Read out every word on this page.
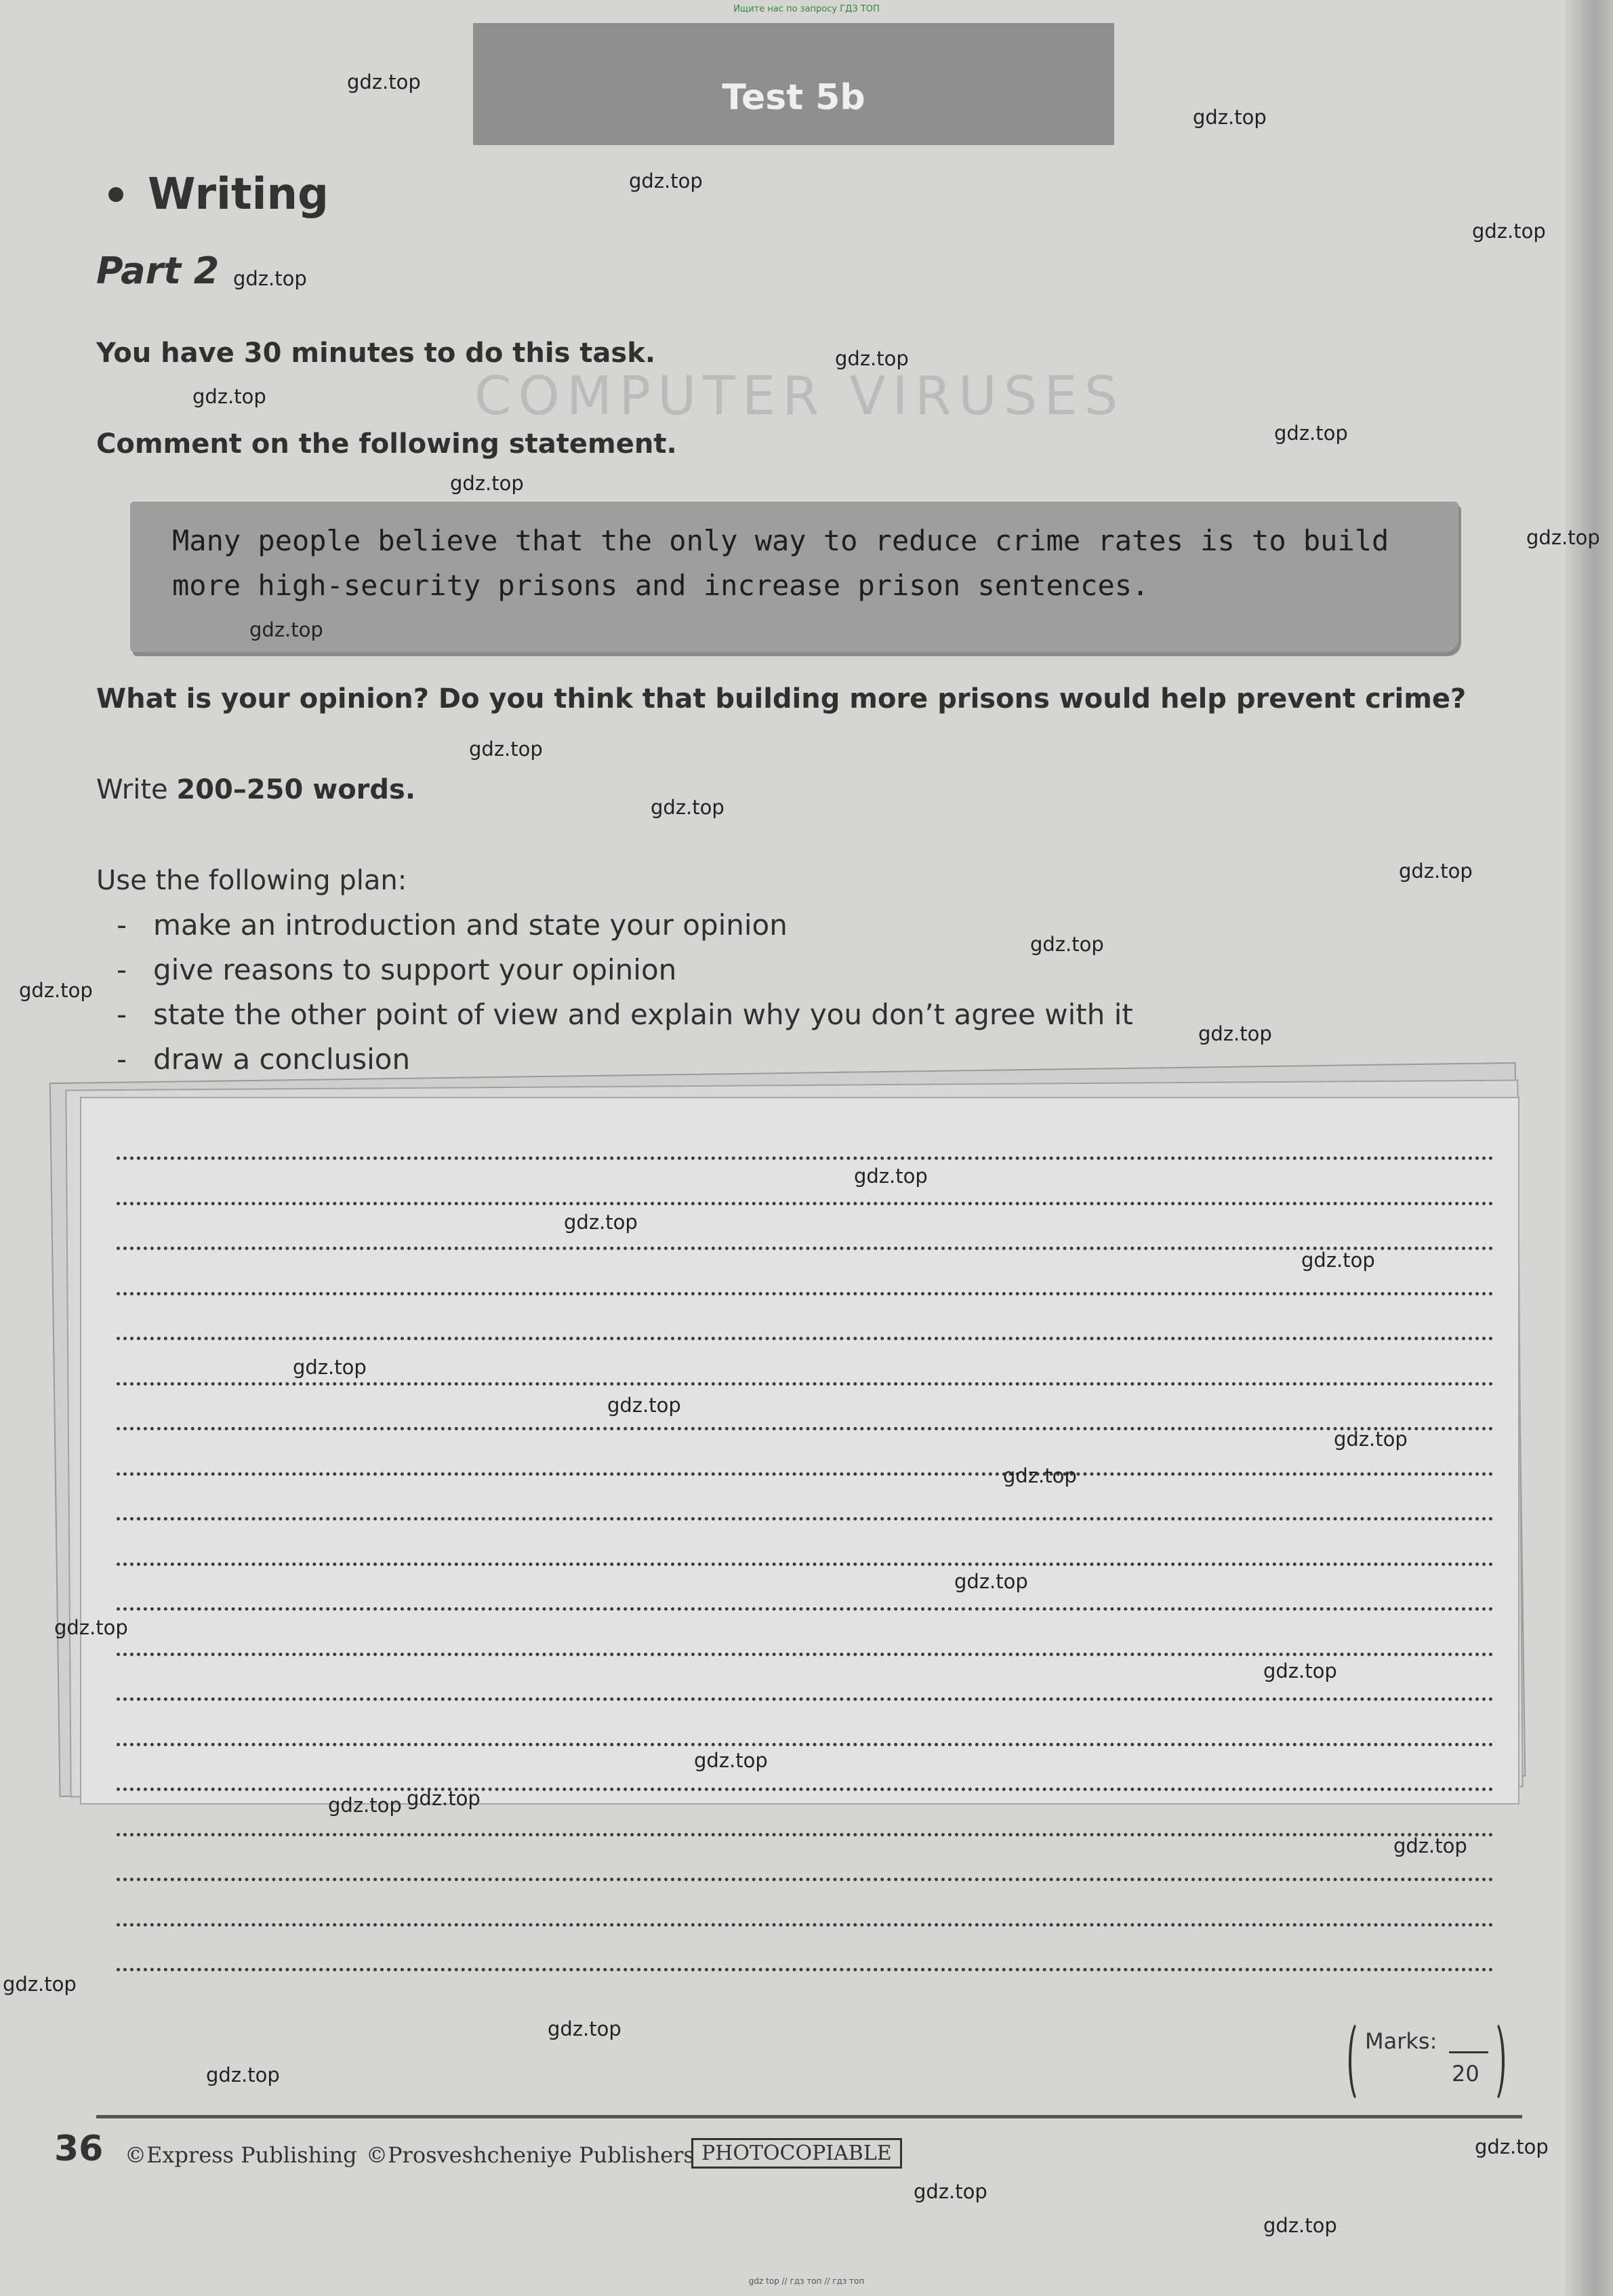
Ищите нас по запросу ГДЗ ТОП
Test 5b
COMPUTER VIRUSES
Writing
Part 2
You have 30 minutes to do this task.
Comment on the following statement.
Many people believe that the only way to reduce crime rates is to build more high-security prisons and increase prison sentences.
What is your opinion? Do you think that building more prisons would help prevent crime?
Write 200–250 words.
Use the following plan:
- make an introduction and state your opinion
- give reasons to support your opinion
- state the other point of view and explain why you don’t agree with it
- draw a conclusion
Marks:
20
36 ©Express Publishing ©Prosveshcheniye Publishers PHOTOCOPIABLE
gdz top // гдз топ // гдз топ
gdz.top
gdz.top
gdz.top
gdz.top
gdz.top
gdz.top
gdz.top
gdz.top
gdz.top
gdz.top
gdz.top
gdz.top
gdz.top
gdz.top
gdz.top
gdz.top
gdz.top
gdz.top
gdz.top
gdz.top
gdz.top
gdz.top
gdz.top
gdz.top
gdz.top
gdz.top
gdz.top
gdz.top
gdz.top
gdz.top
gdz.top
gdz.top
gdz.top
gdz.top
gdz.top
gdz.top
gdz.top
